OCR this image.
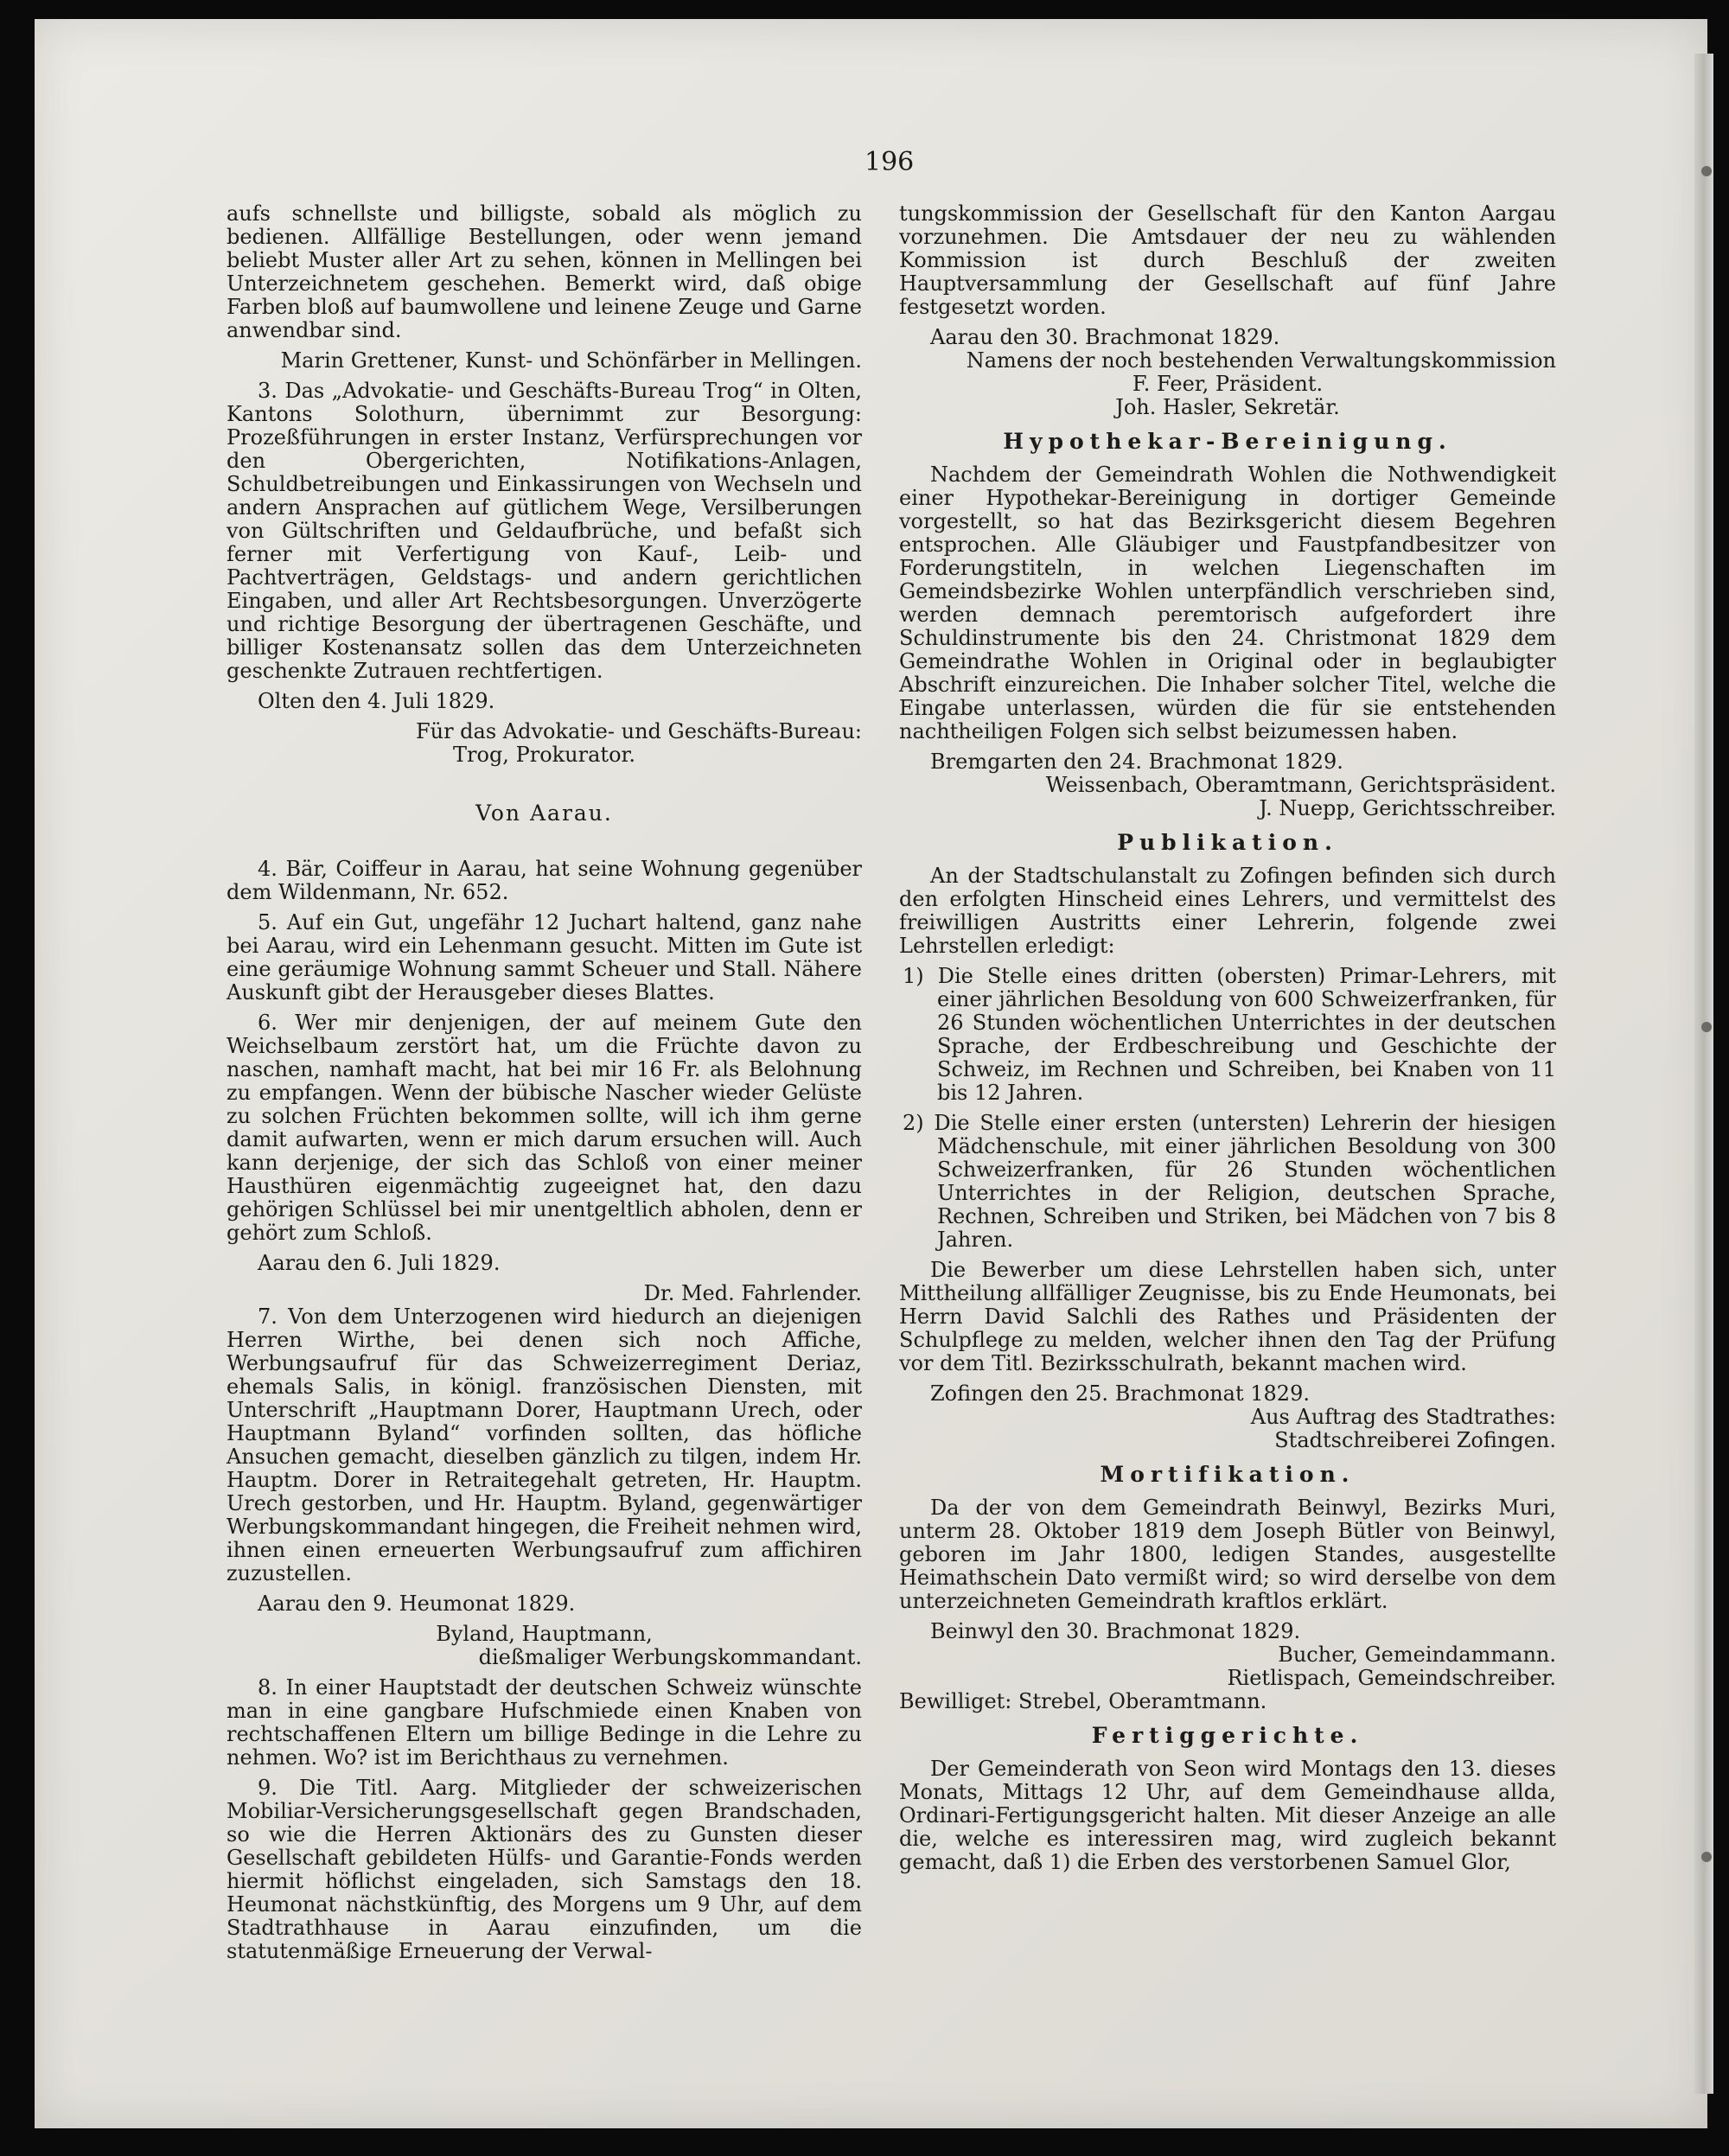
196

aufs schnellste und billigste, sobald als möglich zu bedienen. Allfällige Bestellungen, oder wenn jemand beliebt Muster aller Art zu sehen, können in Mellingen bei Unterzeichnetem geschehen. Bemerkt wird, daß obige Farben bloß auf baumwollene und leinene Zeuge und Garne anwendbar sind.

Marin Grettener, Kunst- und Schönfärber in Mellingen.

3. Das „Advokatie- und Geschäfts-Bureau Trog“ in Olten, Kantons Solothurn, übernimmt zur Besorgung: Prozeßführungen in erster Instanz, Verfürsprechungen vor den Obergerichten, Notifikations-Anlagen, Schuldbetreibungen und Einkassirungen von Wechseln und andern Ansprachen auf gütlichem Wege, Versilberungen von Gültschriften und Geldaufbrüche, und befaßt sich ferner mit Verfertigung von Kauf-, Leib- und Pachtverträgen, Geldstags- und andern gerichtlichen Eingaben, und aller Art Rechtsbesorgungen. Unverzögerte und richtige Besorgung der übertragenen Geschäfte, und billiger Kostenansatz sollen das dem Unterzeichneten geschenkte Zutrauen rechtfertigen.

Olten den 4. Juli 1829.

Für das Advokatie- und Geschäfts-Bureau:

Trog, Prokurator.

Von Aarau.

4. Bär, Coiffeur in Aarau, hat seine Wohnung gegenüber dem Wildenmann, Nr. 652.

5. Auf ein Gut, ungefähr 12 Juchart haltend, ganz nahe bei Aarau, wird ein Lehenmann gesucht. Mitten im Gute ist eine geräumige Wohnung sammt Scheuer und Stall. Nähere Auskunft gibt der Herausgeber dieses Blattes.

6. Wer mir denjenigen, der auf meinem Gute den Weichselbaum zerstört hat, um die Früchte davon zu naschen, namhaft macht, hat bei mir 16 Fr. als Belohnung zu empfangen. Wenn der bübische Nascher wieder Gelüste zu solchen Früchten bekommen sollte, will ich ihm gerne damit aufwarten, wenn er mich darum ersuchen will. Auch kann derjenige, der sich das Schloß von einer meiner Hausthüren eigenmächtig zugeeignet hat, den dazu gehörigen Schlüssel bei mir unentgeltlich abholen, denn er gehört zum Schloß.

Aarau den 6. Juli 1829.

Dr. Med. Fahrlender.

7. Von dem Unterzogenen wird hiedurch an diejenigen Herren Wirthe, bei denen sich noch Affiche, Werbungsaufruf für das Schweizerregiment Deriaz, ehemals Salis, in königl. französischen Diensten, mit Unterschrift „Hauptmann Dorer, Hauptmann Urech, oder Hauptmann Byland“ vorfinden sollten, das höfliche Ansuchen gemacht, dieselben gänzlich zu tilgen, indem Hr. Hauptm. Dorer in Retraitegehalt getreten, Hr. Hauptm. Urech gestorben, und Hr. Hauptm. Byland, gegenwärtiger Werbungskommandant hingegen, die Freiheit nehmen wird, ihnen einen erneuerten Werbungsaufruf zum affichiren zuzustellen.

Aarau den 9. Heumonat 1829.

Byland, Hauptmann,

dießmaliger Werbungskommandant.

8. In einer Hauptstadt der deutschen Schweiz wünschte man in eine gangbare Hufschmiede einen Knaben von rechtschaffenen Eltern um billige Bedinge in die Lehre zu nehmen. Wo? ist im Berichthaus zu vernehmen.

9. Die Titl. Aarg. Mitglieder der schweizerischen Mobiliar-Versicherungsgesellschaft gegen Brandschaden, so wie die Herren Aktionärs des zu Gunsten dieser Gesellschaft gebildeten Hülfs- und Garantie-Fonds werden hiermit höflichst eingeladen, sich Samstags den 18. Heumonat nächstkünftig, des Morgens um 9 Uhr, auf dem Stadtrathhause in Aarau einzufinden, um die statutenmäßige Erneuerung der Verwal-

tungskommission der Gesellschaft für den Kanton Aargau vorzunehmen. Die Amtsdauer der neu zu wählenden Kommission ist durch Beschluß der zweiten Hauptversammlung der Gesellschaft auf fünf Jahre festgesetzt worden.

Aarau den 30. Brachmonat 1829.

Namens der noch bestehenden Verwaltungskommission

F. Feer, Präsident.

Joh. Hasler, Sekretär.

Hypothekar-Bereinigung.

Nachdem der Gemeindrath Wohlen die Nothwendigkeit einer Hypothekar-Bereinigung in dortiger Gemeinde vorgestellt, so hat das Bezirksgericht diesem Begehren entsprochen. Alle Gläubiger und Faustpfandbesitzer von Forderungstiteln, in welchen Liegenschaften im Gemeindsbezirke Wohlen unterpfändlich verschrieben sind, werden demnach peremtorisch aufgefordert ihre Schuldinstrumente bis den 24. Christmonat 1829 dem Gemeindrathe Wohlen in Original oder in beglaubigter Abschrift einzureichen. Die Inhaber solcher Titel, welche die Eingabe unterlassen, würden die für sie entstehenden nachtheiligen Folgen sich selbst beizumessen haben.

Bremgarten den 24. Brachmonat 1829.

Weissenbach, Oberamtmann, Gerichtspräsident.

J. Nuepp, Gerichtsschreiber.

Publikation.

An der Stadtschulanstalt zu Zofingen befinden sich durch den erfolgten Hinscheid eines Lehrers, und vermittelst des freiwilligen Austritts einer Lehrerin, folgende zwei Lehrstellen erledigt:

1) Die Stelle eines dritten (obersten) Primar-Lehrers, mit einer jährlichen Besoldung von 600 Schweizerfranken, für 26 Stunden wöchentlichen Unterrichtes in der deutschen Sprache, der Erdbeschreibung und Geschichte der Schweiz, im Rechnen und Schreiben, bei Knaben von 11 bis 12 Jahren.

2) Die Stelle einer ersten (untersten) Lehrerin der hiesigen Mädchenschule, mit einer jährlichen Besoldung von 300 Schweizerfranken, für 26 Stunden wöchentlichen Unterrichtes in der Religion, deutschen Sprache, Rechnen, Schreiben und Striken, bei Mädchen von 7 bis 8 Jahren.

Die Bewerber um diese Lehrstellen haben sich, unter Mittheilung allfälliger Zeugnisse, bis zu Ende Heumonats, bei Herrn David Salchli des Rathes und Präsidenten der Schulpflege zu melden, welcher ihnen den Tag der Prüfung vor dem Titl. Bezirksschulrath, bekannt machen wird.

Zofingen den 25. Brachmonat 1829.

Aus Auftrag des Stadtrathes:

Stadtschreiberei Zofingen.

Mortifikation.

Da der von dem Gemeindrath Beinwyl, Bezirks Muri, unterm 28. Oktober 1819 dem Joseph Bütler von Beinwyl, geboren im Jahr 1800, ledigen Standes, ausgestellte Heimathschein Dato vermißt wird; so wird derselbe von dem unterzeichneten Gemeindrath kraftlos erklärt.

Beinwyl den 30. Brachmonat 1829.

Bucher, Gemeindammann.

Rietlispach, Gemeindschreiber.

Bewilliget: Strebel, Oberamtmann.

Fertiggerichte.

Der Gemeinderath von Seon wird Montags den 13. dieses Monats, Mittags 12 Uhr, auf dem Gemeindhause allda, Ordinari-Fertigungsgericht halten. Mit dieser Anzeige an alle die, welche es interessiren mag, wird zugleich bekannt gemacht, daß 1) die Erben des verstorbenen Samuel Glor,
